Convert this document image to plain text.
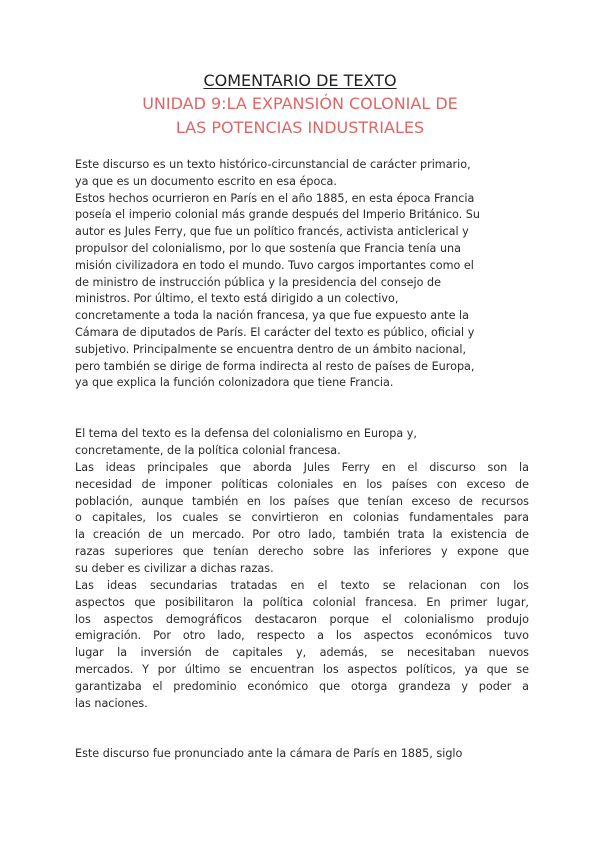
COMENTARIO DE TEXTO
UNIDAD 9:LA EXPANSIÓN COLONIAL DE
LAS POTENCIAS INDUSTRIALES
Este discurso es un texto histórico-circunstancial de carácter primario,
ya que es un documento escrito en esa época.
Estos hechos ocurrieron en París en el año 1885, en esta época Francia
poseía el imperio colonial más grande después del Imperio Británico. Su
autor es Jules Ferry, que fue un político francés, activista anticlerical y
propulsor del colonialismo, por lo que sostenía que Francia tenía una
misión civilizadora en todo el mundo. Tuvo cargos importantes como el
de ministro de instrucción pública y la presidencia del consejo de
ministros. Por último, el texto está dirigido a un colectivo,
concretamente a toda la nación francesa, ya que fue expuesto ante la
Cámara de diputados de París. El carácter del texto es público, oficial y
subjetivo. Principalmente se encuentra dentro de un ámbito nacional,
pero también se dirige de forma indirecta al resto de países de Europa,
ya que explica la función colonizadora que tiene Francia.
El tema del texto es la defensa del colonialismo en Europa y,
concretamente, de la política colonial francesa.
Las ideas principales que aborda Jules Ferry en el discurso son la
necesidad de imponer políticas coloniales en los países con exceso de
población, aunque también en los países que tenían exceso de recursos
o capitales, los cuales se convirtieron en colonias fundamentales para
la creación de un mercado. Por otro lado, también trata la existencia de
razas superiores que tenían derecho sobre las inferiores y expone que
su deber es civilizar a dichas razas.
Las ideas secundarias tratadas en el texto se relacionan con los
aspectos que posibilitaron la política colonial francesa. En primer lugar,
los aspectos demográficos destacaron porque el colonialismo produjo
emigración. Por otro lado, respecto a los aspectos económicos tuvo
lugar la inversión de capitales y, además, se necesitaban nuevos
mercados. Y por último se encuentran los aspectos políticos, ya que se
garantizaba el predominio económico que otorga grandeza y poder a
las naciones.
Este discurso fue pronunciado ante la cámara de París en 1885, siglo
